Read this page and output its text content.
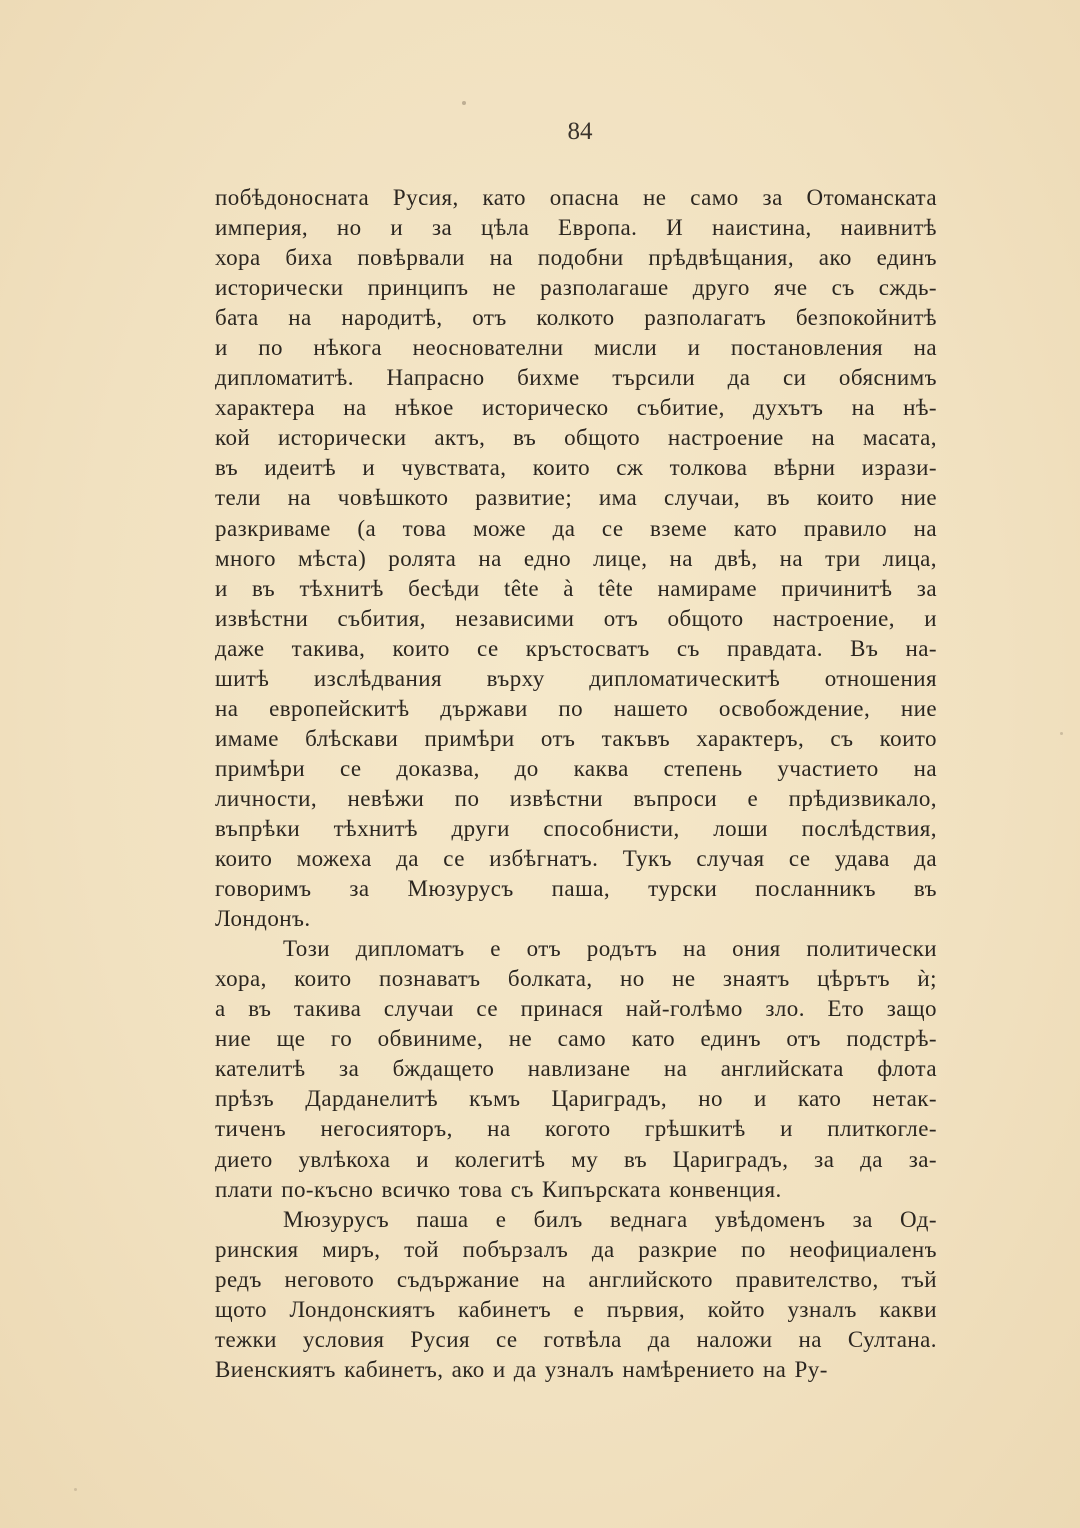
84
побѣдоносната Русия, като опасна не само за Отоманската
империя, но и за цѣла Европа. И наистина, наивнитѣ
хора биха повѣрвали на подобни прѣдвѣщания, ако единъ
исторически принципъ не разполагаше друго яче съ сждь-
бата на народитѣ, отъ колкото разполагатъ безпокойнитѣ
и по нѣкога неоснователни мисли и постановления на
дипломатитѣ. Напрасно бихме търсили да си обяснимъ
характера на нѣкое историческо събитие, духътъ на нѣ-
кой исторически актъ, въ общото настроение на масата,
въ идеитѣ и чувствата, които сж толкова вѣрни изрази-
тели на човѣшкото развитие; има случаи, въ които ние
разкриваме (а това може да се вземе като правило на
много мѣста) ролята на едно лице, на двѣ, на три лица,
и въ тѣхнитѣ бесѣди tête à tête намираме причинитѣ за
извѣстни събития, независими отъ общото настроение, и
даже такива, които се кръстосватъ съ правдата. Въ на-
шитѣ изслѣдвания върху дипломатическитѣ отношения
на европейскитѣ държави по нашето освобождение, ние
имаме блѣскави примѣри отъ такъвъ характеръ, съ които
примѣри се доказва, до каква степень участието на
личности, невѣжи по извѣстни въпроси е прѣдизвикало,
въпрѣки тѣхнитѣ други способнисти, лоши послѣдствия,
които можеха да се избѣгнатъ. Тукъ случая се удава да
говоримъ за Мюзурусъ паша, турски посланникъ въ
Лондонъ.
Този дипломатъ е отъ родътъ на ония политически
хора, които познаватъ болката, но не знаятъ цѣрътъ ѝ;
а въ такива случаи се принася най-голѣмо зло. Ето защо
ние ще го обвиниме, не само като единъ отъ подстрѣ-
кателитѣ за бждащето навлизане на английската флота
прѣзъ Дарданелитѣ къмъ Цариградъ, но и като нетак-
тиченъ негосияторъ, на когото грѣшкитѣ и плиткогле-
дието увлѣкоха и колегитѣ му въ Цариградъ, за да за-
плати по-късно всичко това съ Кипърската конвенция.
Мюзурусъ паша е билъ веднага увѣдоменъ за Од-
ринския миръ, той побързалъ да разкрие по неофициаленъ
редъ неговото съдържание на английското правителство, тъй
щото Лондонскиятъ кабинетъ е първия, който узналъ какви
тежки условия Русия се готвѣла да наложи на Султана.
Виенскиятъ кабинетъ, ако и да узналъ намѣрението на Ру-
